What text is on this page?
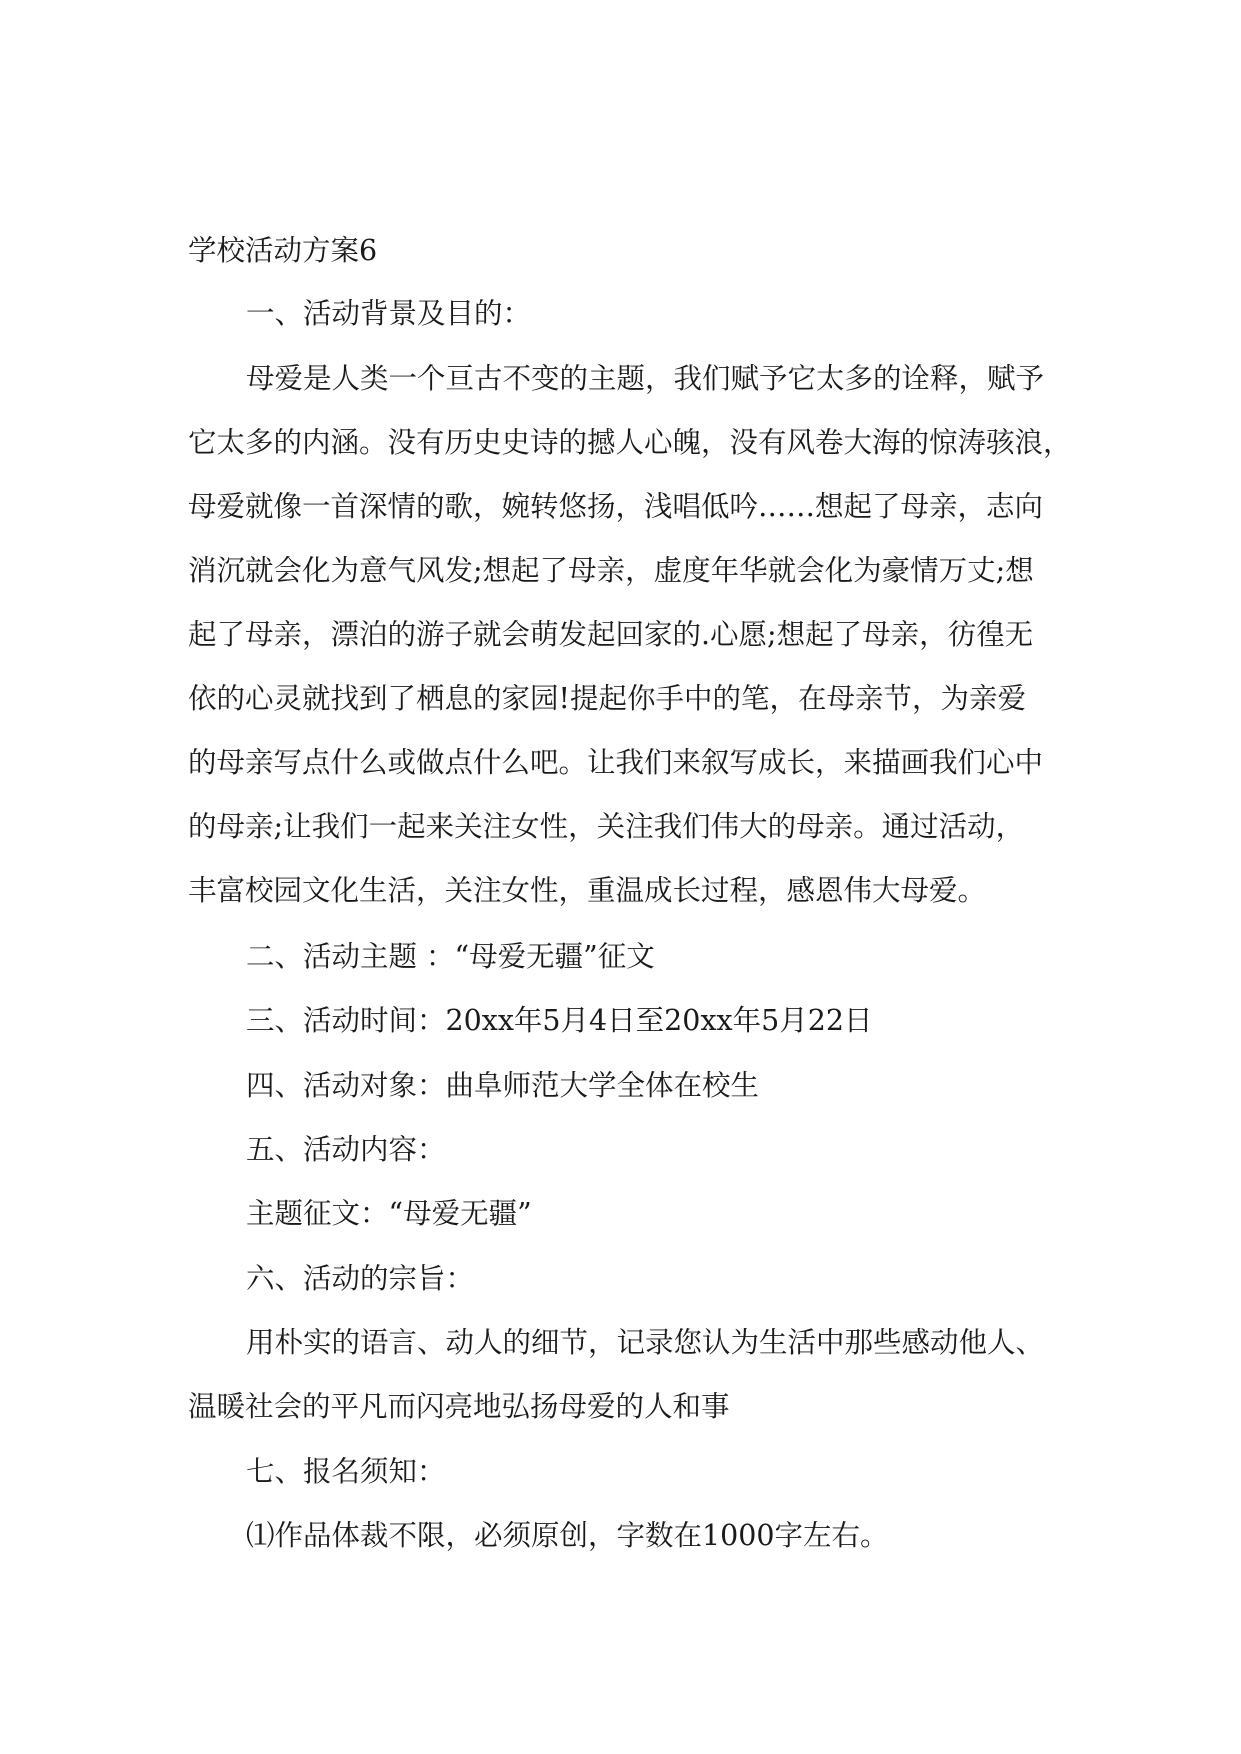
学校活动方案6
一、活动背景及目的：
母爱是人类一个亘古不变的主题，我们赋予它太多的诠释，赋予
它太多的内涵。没有历史史诗的撼人心魄，没有风卷大海的惊涛骇浪，
母爱就像一首深情的歌，婉转悠扬，浅唱低吟……想起了母亲，志向
消沉就会化为意气风发;想起了母亲，虚度年华就会化为豪情万丈;想
起了母亲，漂泊的游子就会萌发起回家的.心愿;想起了母亲，彷徨无
依的心灵就找到了栖息的家园!提起你手中的笔，在母亲节，为亲爱
的母亲写点什么或做点什么吧。让我们来叙写成长，来描画我们心中
的母亲;让我们一起来关注女性，关注我们伟大的母亲。通过活动，
丰富校园文化生活，关注女性，重温成长过程，感恩伟大母爱。
二、活动主题 ：“母爱无疆”征文
三、活动时间：20xx年5月4日至20xx年5月22日
四、活动对象：曲阜师范大学全体在校生
五、活动内容：
主题征文：“母爱无疆”
六、活动的宗旨：
用朴实的语言、动人的细节，记录您认为生活中那些感动他人、
温暖社会的平凡而闪亮地弘扬母爱的人和事
七、报名须知：
⑴作品体裁不限，必须原创，字数在1000字左右。
